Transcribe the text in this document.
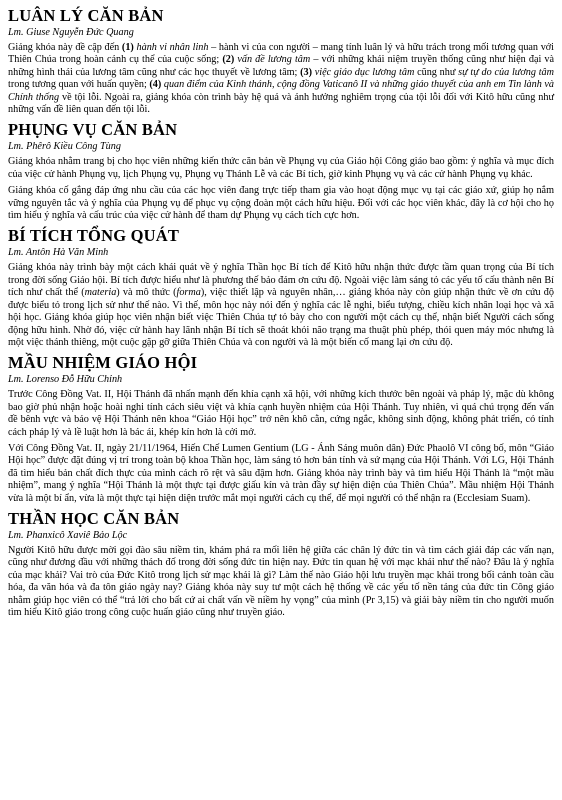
LUÂN LÝ CĂN BẢN
Lm. Giuse Nguyễn Đức Quang

Giảng khóa này đề cập đến (1) hành vi nhân linh – hành vi của con người – mang tính luân lý và hữu trách trong mối tương quan với Thiên Chúa trong hoàn cảnh cụ thể của cuộc sống; (2) vấn đề lương tâm – với những khái niệm truyền thống cũng như hiện đại và những hình thái của lương tâm cũng như các học thuyết về lương tâm; (3) việc giáo dục lương tâm cũng như sự tự do của lương tâm trong tương quan với huấn quyền; (4) quan điểm của Kinh thánh, cộng đồng Vaticanô II và những giáo thuyết của anh em Tin lành và Chính thống về tội lỗi. Ngoài ra, giảng khóa còn trình bày hệ quả và ảnh hưởng nghiêm trọng của tội lỗi đối với Kitô hữu cũng như những vấn đề liên quan đến tội lỗi.

PHỤNG VỤ CĂN BẢN
Lm. Phêrô Kiều Công Tùng

Giảng khóa nhằm trang bị cho học viên những kiến thức căn bản về Phụng vụ của Giáo hội Công giáo bao gồm: ý nghĩa và mục đích của việc cử hành Phụng vụ, lịch Phụng vụ, Phụng vụ Thánh Lễ và các Bí tích, giờ kinh Phụng vụ và các cử hành Phụng vụ khác.

Giảng khóa cố gắng đáp ứng nhu cầu của các học viên đang trực tiếp tham gia vào hoạt động mục vụ tại các giáo xứ, giúp họ nắm vững nguyên tắc và ý nghĩa của Phụng vụ để phục vụ cộng đoàn một cách hữu hiệu. Đối với các học viên khác, đây là cơ hội cho họ tìm hiểu ý nghĩa và cấu trúc của việc cử hành để tham dự Phụng vụ cách tích cực hơn.

BÍ TÍCH TỔNG QUÁT
Lm. Antôn Hà Văn Minh

Giảng khóa này trình bày một cách khái quát về ý nghĩa Thần học Bí tích để Kitô hữu nhận thức được tầm quan trọng của Bí tích trong đời sống Giáo hội. Bí tích được hiểu như là phương thế bảo đảm ơn cứu độ. Ngoài việc làm sáng tỏ các yếu tố cấu thành nên Bí tích như chất thể (materia) và mô thức (forma), việc thiết lập và nguyên nhân,… giảng khóa này còn giúp nhận thức về ơn cứu độ được biểu tỏ trong lịch sử như thế nào. Vì thế, môn học này nói đến ý nghĩa các lễ nghi, biểu tượng, chiều kích nhân loại học và xã hội học. Giảng khóa giúp học viên nhận biết việc Thiên Chúa tự tỏ bày cho con người một cách cụ thể, nhận biết Người cách sống động hữu hình. Nhờ đó, việc cử hành hay lãnh nhận Bí tích sẽ thoát khỏi não trạng ma thuật phù phép, thói quen máy móc nhưng là một việc thánh thiêng, một cuộc gặp gỡ giữa Thiên Chúa và con người và là một biến cố mang lại ơn cứu độ.

MẦU NHIỆM GIÁO HỘI
Lm. Lorenso Đỗ Hữu Chỉnh

Trước Công Đồng Vat. II, Hội Thánh đã nhấn mạnh đến khía cạnh xã hội, với những kích thước bên ngoài và pháp lý, mặc dù không bao giờ phủ nhận hoặc hoài nghi tính cách siêu việt và khía cạnh huyền nhiệm của Hội Thánh. Tuy nhiên, vì quá chú trọng đến vấn đề bênh vực và bảo vệ Hội Thánh nên khoa “Giáo Hội học” trở nên khô cằn, cứng ngắc, không sinh động, không phát triển, có tính cách pháp lý và lề luật hơn là bác ái, khép kín hơn là cởi mở.

Với Công Đồng Vat. II, ngày 21/11/1964, Hiến Chế Lumen Gentium (LG - Ánh Sáng muôn dân) Đức Phaolô VI công bố, môn “Giáo Hội học” được đặt đúng vị trí trong toàn bộ khoa Thần học, làm sáng tỏ hơn bản tính và sứ mạng của Hội Thánh. Với LG, Hội Thánh đã tìm hiểu bản chất đích thực của mình cách rõ rệt và sâu đậm hơn. Giảng khóa này trình bày và tìm hiểu Hội Thánh là “một mầu nhiệm”, mang ý nghĩa “Hội Thánh là một thực tại được giấu kín và tràn đầy sự hiện diện của Thiên Chúa”. Mầu nhiệm Hội Thánh vừa là một bí ẩn, vừa là một thực tại hiện diện trước mắt mọi người cách cụ thể, để mọi người có thể nhận ra (Ecclesiam Suam).

THẦN HỌC CĂN BẢN
Lm. Phanxicô Xaviê Bảo Lộc

Người Kitô hữu được mời gọi đào sâu niềm tin, khám phá ra mối liên hệ giữa các chân lý đức tin và tìm cách giải đáp các vấn nạn, cũng như đương đầu với những thách đố trong đời sống đức tin hiện nay. Đức tin quan hệ với mạc khải như thế nào? Đâu là ý nghĩa của mạc khải? Vai trò của Đức Kitô trong lịch sử mạc khải là gì? Làm thế nào Giáo hội lưu truyền mạc khải trong bối cảnh toàn cầu hóa, đa văn hóa và đa tôn giáo ngày nay? Giảng khóa này suy tư một cách hệ thống về các yếu tố nền tảng của đức tin Công giáo nhằm giúp học viên có thể “trả lời cho bất cứ ai chất vấn về niềm hy vọng” của mình (Pr 3,15) và giải bày niềm tin cho người muốn tìm hiểu Kitô giáo trong công cuộc huấn giáo cũng như truyền giáo.
